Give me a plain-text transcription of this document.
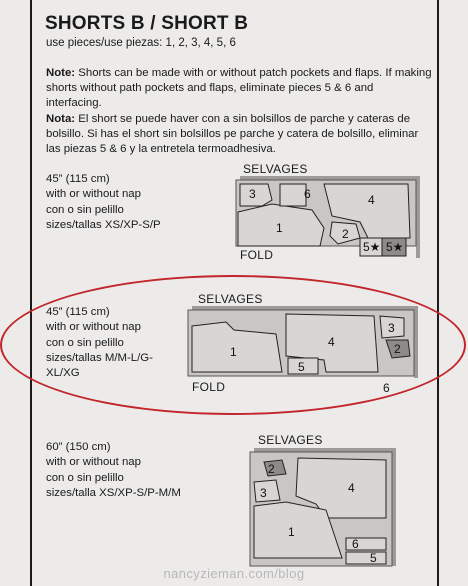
SHORTS B / SHORT B
use pieces/use piezas: 1, 2, 3, 4, 5, 6

Note: Shorts can be made with or without patch pockets and flaps. If making shorts without path pockets and flaps, eliminate pieces 5 & 6 and interfacing.

Nota: El short se puede haver con a sin bolsillos de parche y cateras de bolsillo. Si has el short sin bolsillos pe parche y catera de bolsillo, eliminar las piezas 5 & 6 y la entretela termoadhesiva.

45” (115 cm)
with or without nap
con o sin pelillo
sizes/tallas XS/XP-S/P
SELVAGES
FOLD
3	6	4
1	2
5★ 5★
45” (115 cm)
with or without nap
con o sin pelillo
sizes/tallas M/M-L/G-
XL/XG
SELVAGES
FOLD	6
1
4
3
2
5
60” (150 cm)
with or without nap
con o sin pelillo
sizes/talla XS/XP-S/P-M/M
SELVAGES
2
3	4
1
6
5
nancyzieman.com/blog
